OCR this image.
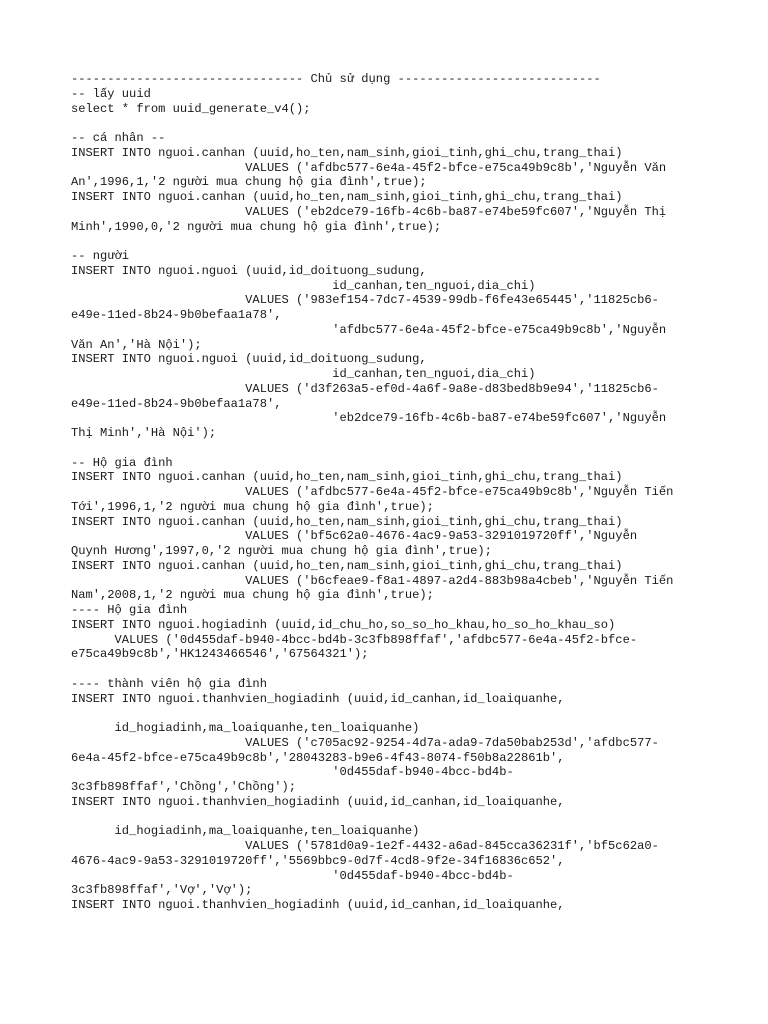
-------------------------------- Chủ sử dụng ----------------------------
-- lấy uuid
select * from uuid_generate_v4();
-- cá nhân --
INSERT INTO nguoi.canhan (uuid,ho_ten,nam_sinh,gioi_tinh,ghi_chu,trang_thai)
VALUES ('afdbc577-6e4a-45f2-bfce-e75ca49b9c8b','Nguyễn Văn
An',1996,1,'2 người mua chung hộ gia đình',true);
INSERT INTO nguoi.canhan (uuid,ho_ten,nam_sinh,gioi_tinh,ghi_chu,trang_thai)
VALUES ('eb2dce79-16fb-4c6b-ba87-e74be59fc607','Nguyễn Thị
Minh',1990,0,'2 người mua chung hộ gia đình',true);
-- người
INSERT INTO nguoi.nguoi (uuid,id_doituong_sudung,
id_canhan,ten_nguoi,dia_chi)
VALUES ('983ef154-7dc7-4539-99db-f6fe43e65445','11825cb6-
e49e-11ed-8b24-9b0befaa1a78',
'afdbc577-6e4a-45f2-bfce-e75ca49b9c8b','Nguyễn
Văn An','Hà Nội');
INSERT INTO nguoi.nguoi (uuid,id_doituong_sudung,
id_canhan,ten_nguoi,dia_chi)
VALUES ('d3f263a5-ef0d-4a6f-9a8e-d83bed8b9e94','11825cb6-
e49e-11ed-8b24-9b0befaa1a78',
'eb2dce79-16fb-4c6b-ba87-e74be59fc607','Nguyễn
Thị Minh','Hà Nội');
-- Hộ gia đình
INSERT INTO nguoi.canhan (uuid,ho_ten,nam_sinh,gioi_tinh,ghi_chu,trang_thai)
VALUES ('afdbc577-6e4a-45f2-bfce-e75ca49b9c8b','Nguyễn Tiến
Tới',1996,1,'2 người mua chung hộ gia đình',true);
INSERT INTO nguoi.canhan (uuid,ho_ten,nam_sinh,gioi_tinh,ghi_chu,trang_thai)
VALUES ('bf5c62a0-4676-4ac9-9a53-3291019720ff','Nguyễn
Quynh Hương',1997,0,'2 người mua chung hộ gia đình',true);
INSERT INTO nguoi.canhan (uuid,ho_ten,nam_sinh,gioi_tinh,ghi_chu,trang_thai)
VALUES ('b6cfeae9-f8a1-4897-a2d4-883b98a4cbeb','Nguyễn Tiến
Nam',2008,1,'2 người mua chung hộ gia đình',true);
---- Hộ gia đình
INSERT INTO nguoi.hogiadinh (uuid,id_chu_ho,so_so_ho_khau,ho_so_ho_khau_so)
VALUES ('0d455daf-b940-4bcc-bd4b-3c3fb898ffaf','afdbc577-6e4a-45f2-bfce-
e75ca49b9c8b','HK1243466546','67564321');
---- thành viên hộ gia đình
INSERT INTO nguoi.thanhvien_hogiadinh (uuid,id_canhan,id_loaiquanhe,
id_hogiadinh,ma_loaiquanhe,ten_loaiquanhe)
VALUES ('c705ac92-9254-4d7a-ada9-7da50bab253d','afdbc577-
6e4a-45f2-bfce-e75ca49b9c8b','28043283-b9e6-4f43-8074-f50b8a22861b',
'0d455daf-b940-4bcc-bd4b-
3c3fb898ffaf','Chồng','Chồng');
INSERT INTO nguoi.thanhvien_hogiadinh (uuid,id_canhan,id_loaiquanhe,
id_hogiadinh,ma_loaiquanhe,ten_loaiquanhe)
VALUES ('5781d0a9-1e2f-4432-a6ad-845cca36231f','bf5c62a0-
4676-4ac9-9a53-3291019720ff','5569bbc9-0d7f-4cd8-9f2e-34f16836c652',
'0d455daf-b940-4bcc-bd4b-
3c3fb898ffaf','Vợ','Vợ');
INSERT INTO nguoi.thanhvien_hogiadinh (uuid,id_canhan,id_loaiquanhe,
